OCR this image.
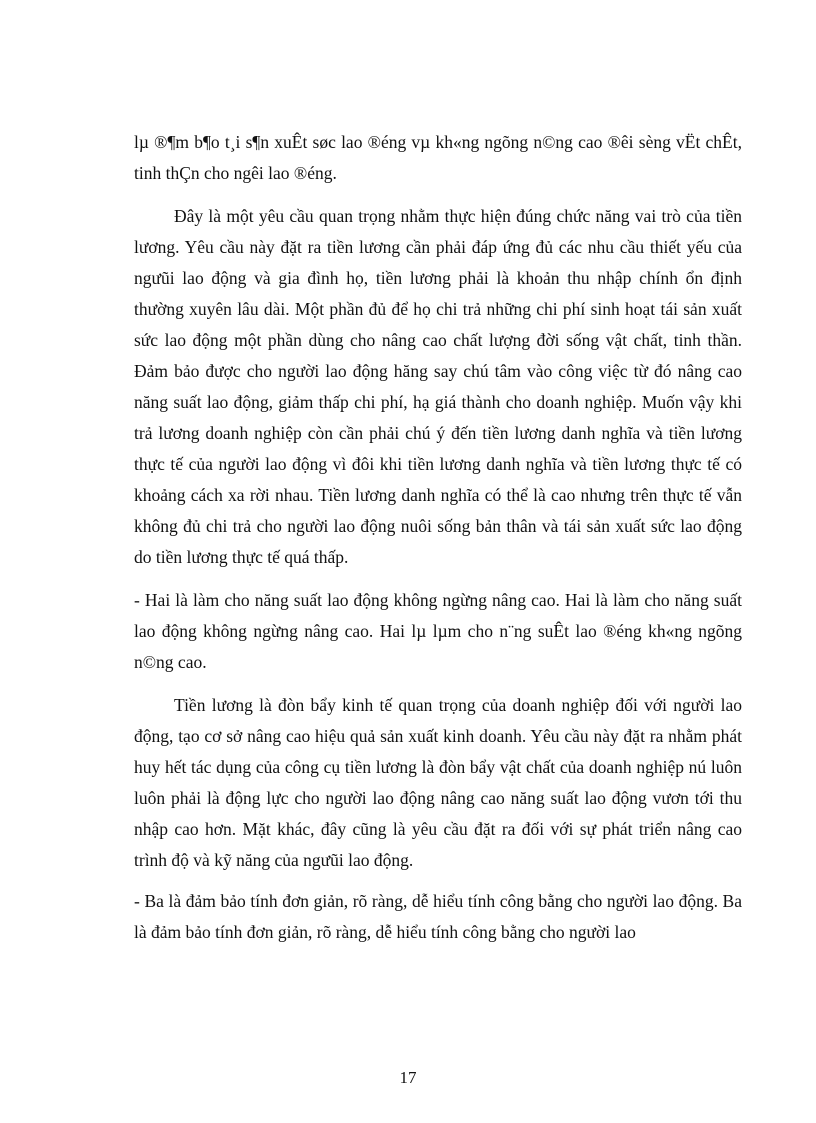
lµ ®¶m b¶o t¸i s¶n xuÊt søc lao ®éng vµ kh«ng ngõng n©ng cao ®êi sèng vËt chÊt, tinh thÇn cho ngêi lao ®éng.

Đây là một yêu cầu quan trọng nhằm thực hiện đúng chức năng vai trò của tiền lương. Yêu cầu này đặt ra tiền lương cần phải đáp ứng đủ các nhu cầu thiết yếu của ngưũi lao động và gia đình họ, tiền lương phải là khoản thu nhập chính ổn định thường xuyên lâu dài. Một phần đủ để họ chi trả những chi phí sinh hoạt tái sản xuất sức lao động một phần dùng cho nâng cao chất lượng đời sống vật chất, tinh thần. Đảm bảo được cho người lao động hăng say chú tâm vào công việc từ đó nâng cao năng suất lao động, giảm thấp chi phí, hạ giá thành cho doanh nghiệp. Muốn vậy khi trả lương doanh nghiệp còn cần phải chú ý đến tiền lương danh nghĩa và tiền lương thực tế của người lao động vì đôi khi tiền lương danh nghĩa và tiền lương thực tế có khoảng cách xa rời nhau. Tiền lương danh nghĩa có thể là cao nhưng trên thực tế vẫn không đủ chi trả cho người lao động nuôi sống bản thân và tái sản xuất sức lao động do tiền lương thực tế quá thấp.

- Hai là làm cho năng suất lao động không ngừng nâng cao. Hai là làm cho năng suất lao động không ngừng nâng cao. Hai lµ lµm cho n¨ng suÊt lao ®éng kh«ng ngõng n©ng cao.

Tiền lương là đòn bẩy kinh tế quan trọng của doanh nghiệp đối với người lao động, tạo cơ sở nâng cao hiệu quả sản xuất kinh doanh. Yêu cầu này đặt ra nhằm phát huy hết tác dụng của công cụ tiền lương là đòn bẩy vật chất của doanh nghiệp nú luôn luôn phải là động lực cho người lao động nâng cao năng suất lao động vươn tới thu nhập cao hơn. Mặt khác, đây cũng là yêu cầu đặt ra đối với sự phát triển nâng cao trình độ và kỹ năng của ngưũi lao động.

- Ba là đảm bảo tính đơn giản, rõ ràng, dễ hiểu tính công bằng cho người lao động. Ba là đảm bảo tính đơn giản, rõ ràng, dễ hiểu tính công bằng cho người lao

17
